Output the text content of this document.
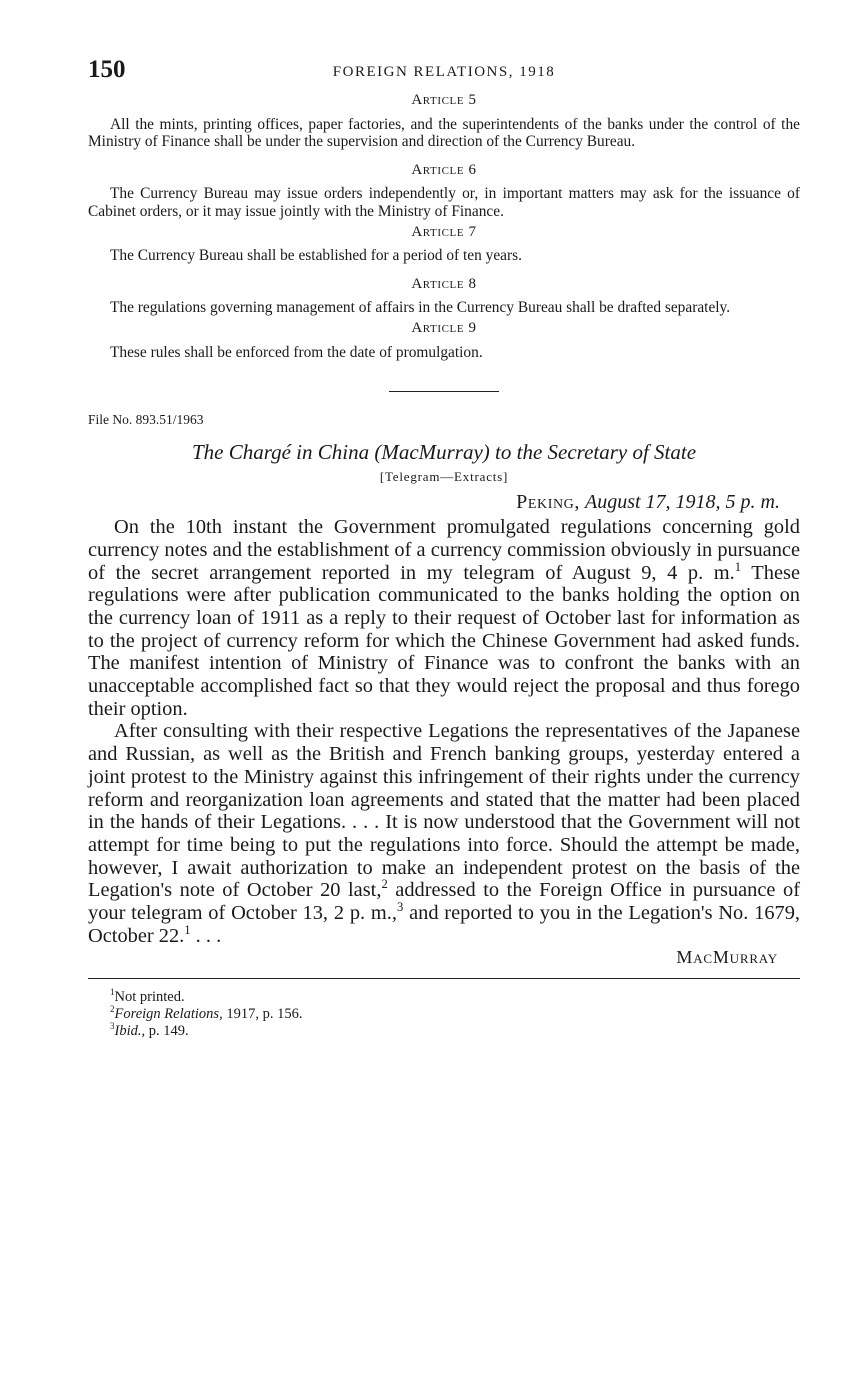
150	FOREIGN RELATIONS, 1918
Article 5

All the mints, printing offices, paper factories, and the superintendents of the banks under the control of the Ministry of Finance shall be under the supervision and direction of the Currency Bureau.

Article 6

The Currency Bureau may issue orders independently or, in important matters may ask for the issuance of Cabinet orders, or it may issue jointly with the Ministry of Finance.

Article 7

The Currency Bureau shall be established for a period of ten years.

Article 8

The regulations governing management of affairs in the Currency Bureau shall be drafted separately.

Article 9

These rules shall be enforced from the date of promulgation.

File No. 893.51/1963
The Chargé in China (MacMurray) to the Secretary of State
[Telegram—Extracts]
Peking, August 17, 1918, 5 p. m.

On the 10th instant the Government promulgated regulations concerning gold currency notes and the establishment of a currency commission obviously in pursuance of the secret arrangement reported in my telegram of August 9, 4 p. m.$^1$ These regulations were after publication communicated to the banks holding the option on the currency loan of 1911 as a reply to their request of October last for information as to the project of currency reform for which the Chinese Government had asked funds. The manifest intention of Ministry of Finance was to confront the banks with an unacceptable accomplished fact so that they would reject the proposal and thus forego their option.

After consulting with their respective Legations the representatives of the Japanese and Russian, as well as the British and French banking groups, yesterday entered a joint protest to the Ministry against this infringement of their rights under the currency reform and reorganization loan agreements and stated that the matter had been placed in the hands of their Legations. . . . It is now understood that the Government will not attempt for time being to put the regulations into force. Should the attempt be made, however, I await authorization to make an independent protest on the basis of the Legation's note of October 20 last,$^2$ addressed to the Foreign Office in pursuance of your telegram of October 13, 2 p. m.,$^3$ and reported to you in the Legation's No. 1679, October 22.$^1$ . . .

MacMurray
$^1$Not printed.
$^2$Foreign Relations, 1917, p. 156.
$^3$Ibid., p. 149.
